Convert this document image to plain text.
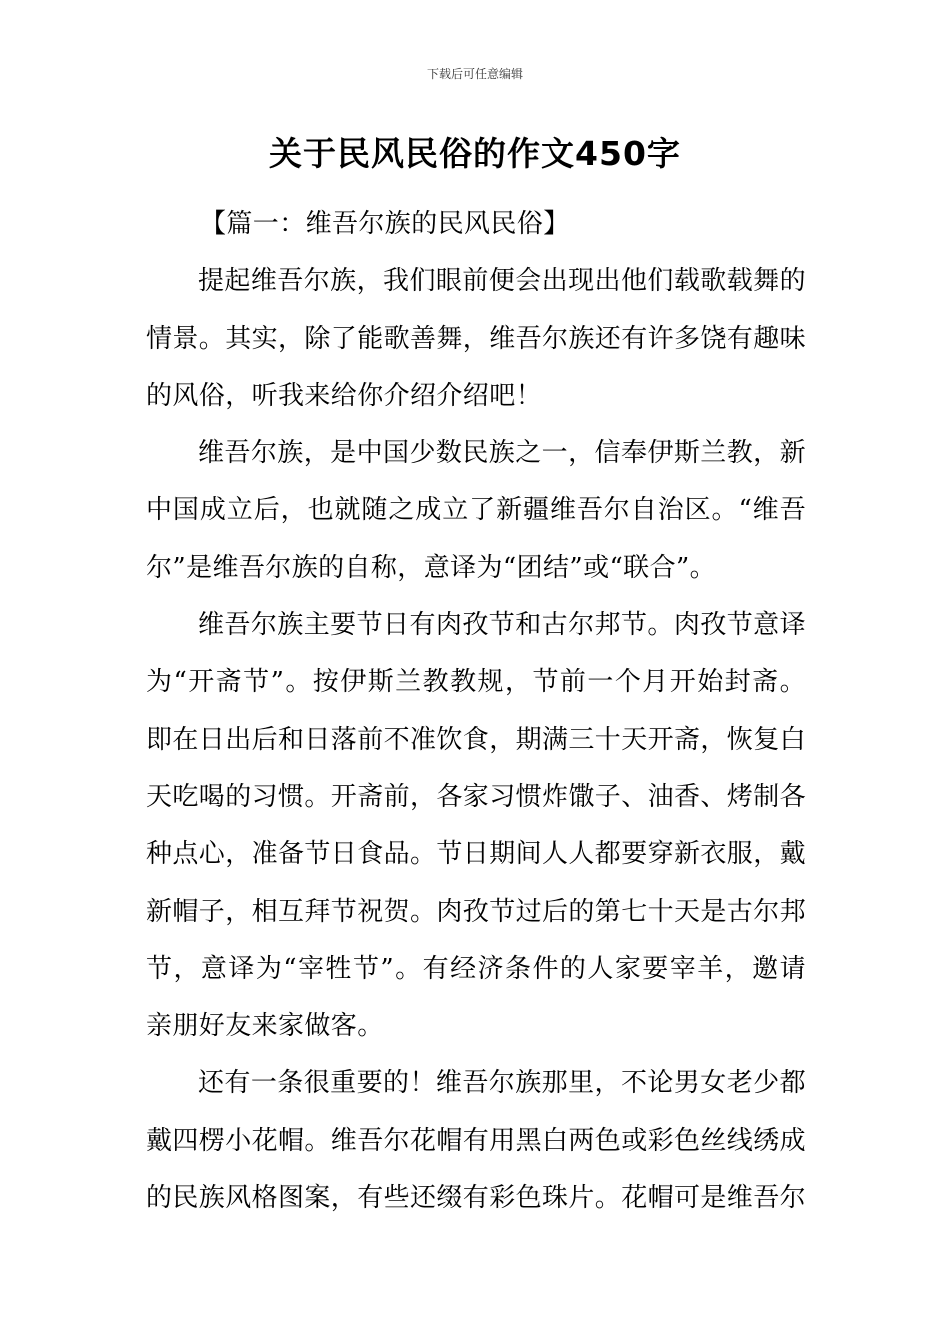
下载后可任意编辑
关于民风民俗的作文450字

【篇一：维吾尔族的民风民俗】

提起维吾尔族，我们眼前便会出现出他们载歌载舞的情景。其实，除了能歌善舞，维吾尔族还有许多饶有趣味的风俗，听我来给你介绍介绍吧！

维吾尔族，是中国少数民族之一，信奉伊斯兰教，新中国成立后，也就随之成立了新疆维吾尔自治区。“维吾尔”是维吾尔族的自称，意译为“团结”或“联合”。

维吾尔族主要节日有肉孜节和古尔邦节。肉孜节意译为“开斋节”。按伊斯兰教教规，节前一个月开始封斋。即在日出后和日落前不准饮食，期满三十天开斋，恢复白天吃喝的习惯。开斋前，各家习惯炸馓子、油香、烤制各种点心，准备节日食品。节日期间人人都要穿新衣服，戴新帽子，相互拜节祝贺。肉孜节过后的第七十天是古尔邦节，意译为“宰牲节”。有经济条件的人家要宰羊，邀请亲朋好友来家做客。

还有一条很重要的！维吾尔族那里，不论男女老少都戴四楞小花帽。维吾尔花帽有用黑白两色或彩色丝线绣成的民族风格图案，有些还缀有彩色珠片。花帽可是维吾尔
